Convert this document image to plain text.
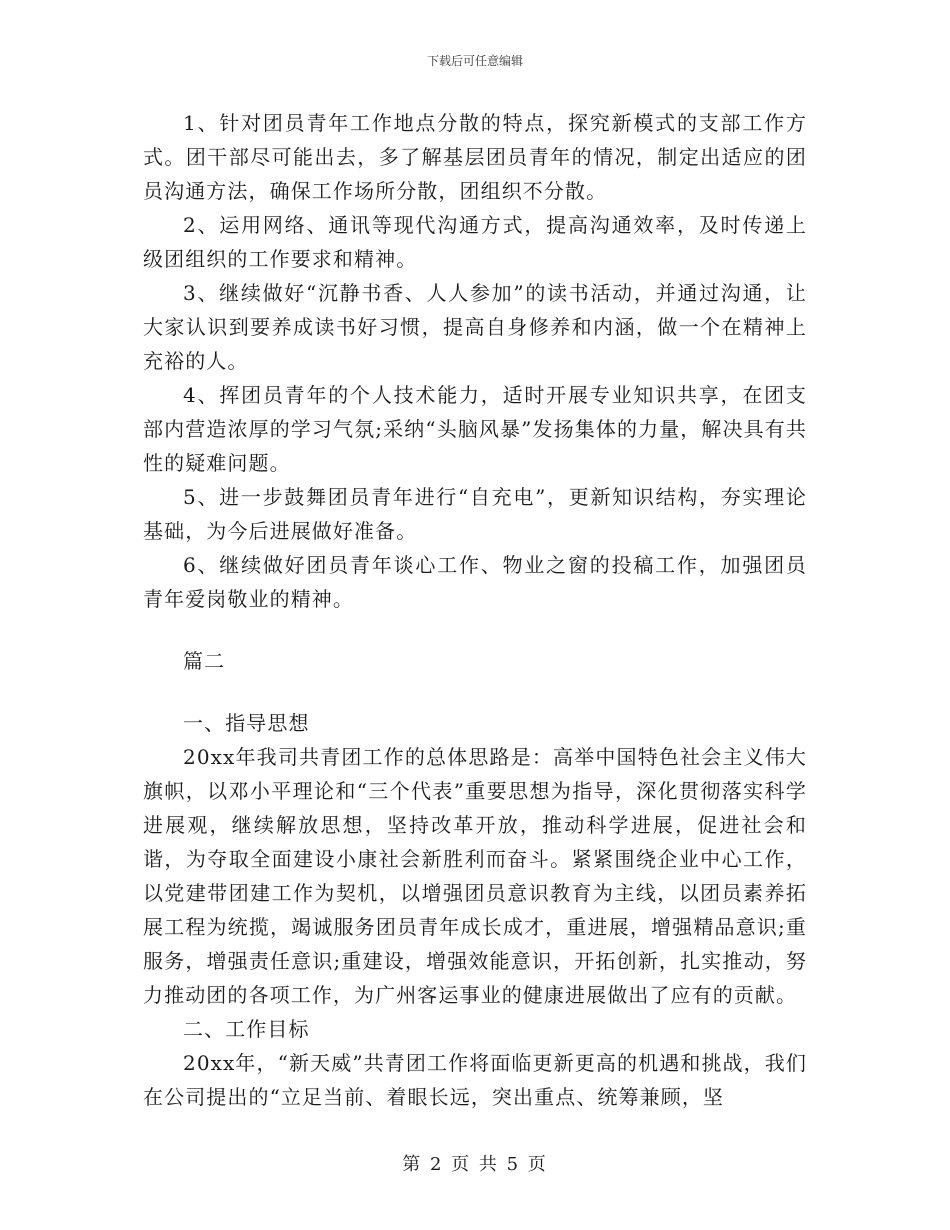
下载后可任意编辑

1、针对团员青年工作地点分散的特点，探究新模式的支部工作方式。团干部尽可能出去，多了解基层团员青年的情况，制定出适应的团员沟通方法，确保工作场所分散，团组织不分散。

2、运用网络、通讯等现代沟通方式，提高沟通效率，及时传递上级团组织的工作要求和精神。

3、继续做好“沉静书香、人人参加”的读书活动，并通过沟通，让大家认识到要养成读书好习惯，提高自身修养和内涵，做一个在精神上充裕的人。

4、挥团员青年的个人技术能力，适时开展专业知识共享，在团支部内营造浓厚的学习气氛;采纳“头脑风暴”发扬集体的力量，解决具有共性的疑难问题。

5、进一步鼓舞团员青年进行“自充电”，更新知识结构，夯实理论基础，为今后进展做好准备。

6、继续做好团员青年谈心工作、物业之窗的投稿工作，加强团员青年爱岗敬业的精神。

篇二

一、指导思想

20xx年我司共青团工作的总体思路是：高举中国特色社会主义伟大旗帜，以邓小平理论和“三个代表”重要思想为指导，深化贯彻落实科学进展观，继续解放思想，坚持改革开放，推动科学进展，促进社会和谐，为夺取全面建设小康社会新胜利而奋斗。紧紧围绕企业中心工作，以党建带团建工作为契机，以增强团员意识教育为主线，以团员素养拓展工程为统揽，竭诚服务团员青年成长成才，重进展，增强精品意识;重服务，增强责任意识;重建设，增强效能意识，开拓创新，扎实推动，努力推动团的各项工作，为广州客运事业的健康进展做出了应有的贡献。

二、工作目标

20xx年，“新天威”共青团工作将面临更新更高的机遇和挑战，我们在公司提出的“立足当前、着眼长远，突出重点、统筹兼顾，坚

第 2 页 共 5 页
